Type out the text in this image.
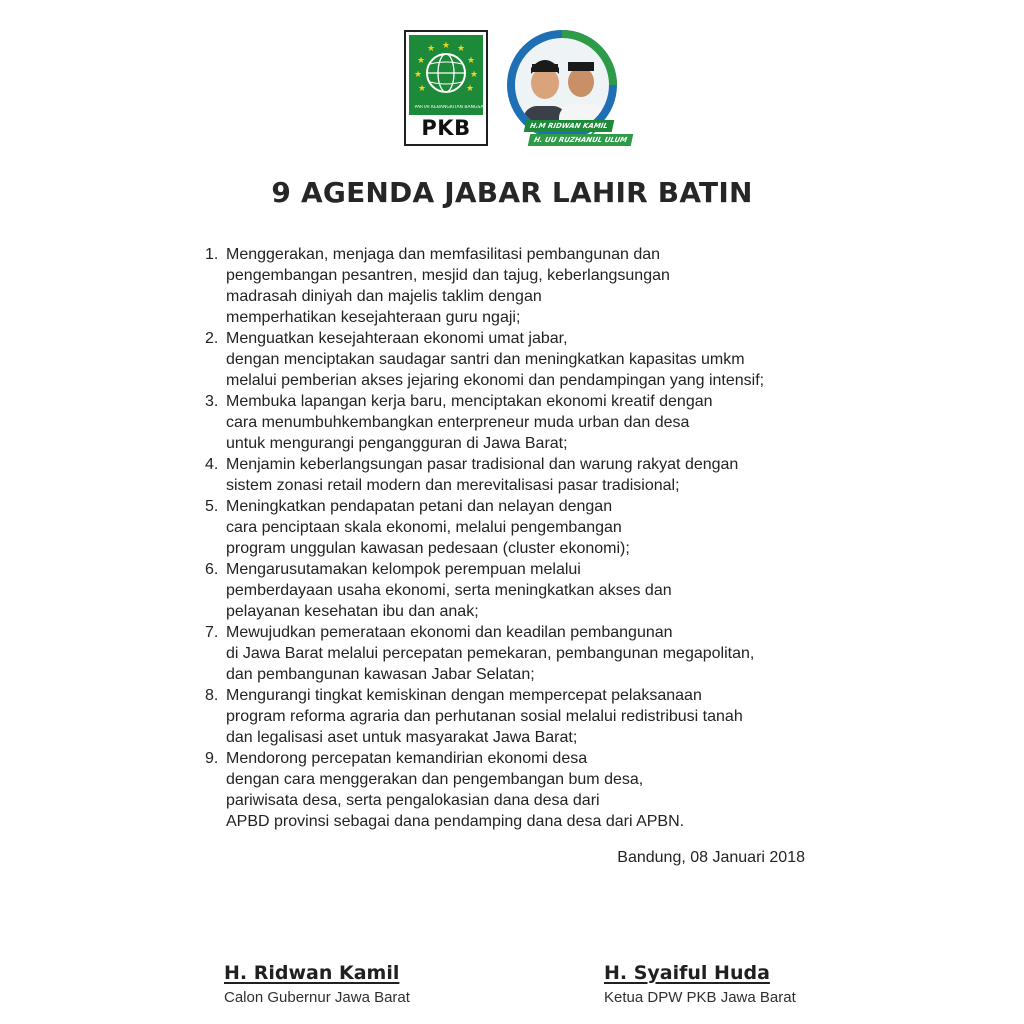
★
★ ★
★	★
★	★
★	★
PARTAI KEBANGKITAN BANGSA
PKB	H.M RIDWAN KAMIL
H. UU RUZHANUL ULUM
9 AGENDA JABAR LAHIR BATIN
1. Menggerakan, menjaga dan memfasilitasi pembangunan dan
pengembangan pesantren, mesjid dan tajug, keberlangsungan
madrasah diniyah dan majelis taklim dengan
memperhatikan kesejahteraan guru ngaji;
2. Menguatkan kesejahteraan ekonomi umat jabar,
dengan menciptakan saudagar santri dan meningkatkan kapasitas umkm
melalui pemberian akses jejaring ekonomi dan pendampingan yang intensif;
3. Membuka lapangan kerja baru, menciptakan ekonomi kreatif dengan
cara menumbuhkembangkan enterpreneur muda urban dan desa
untuk mengurangi pengangguran di Jawa Barat;
4. Menjamin keberlangsungan pasar tradisional dan warung rakyat dengan
sistem zonasi retail modern dan merevitalisasi pasar tradisional;
5. Meningkatkan pendapatan petani dan nelayan dengan
cara penciptaan skala ekonomi, melalui pengembangan
program unggulan kawasan pedesaan (cluster ekonomi);
6. Mengarusutamakan kelompok perempuan melalui
pemberdayaan usaha ekonomi, serta meningkatkan akses dan
pelayanan kesehatan ibu dan anak;
7. Mewujudkan pemerataan ekonomi dan keadilan pembangunan
di Jawa Barat melalui percepatan pemekaran, pembangunan megapolitan,
dan pembangunan kawasan Jabar Selatan;
8. Mengurangi tingkat kemiskinan dengan mempercepat pelaksanaan
program reforma agraria dan perhutanan sosial melalui redistribusi tanah
dan legalisasi aset untuk masyarakat Jawa Barat;
9. Mendorong percepatan kemandirian ekonomi desa
dengan cara menggerakan dan pengembangan bum desa,
pariwisata desa, serta pengalokasian dana desa dari
APBD provinsi sebagai dana pendamping dana desa dari APBN.
Bandung, 08 Januari 2018
H. Ridwan Kamil
Calon Gubernur Jawa Barat
H. Syaiful Huda
Ketua DPW PKB Jawa Barat
